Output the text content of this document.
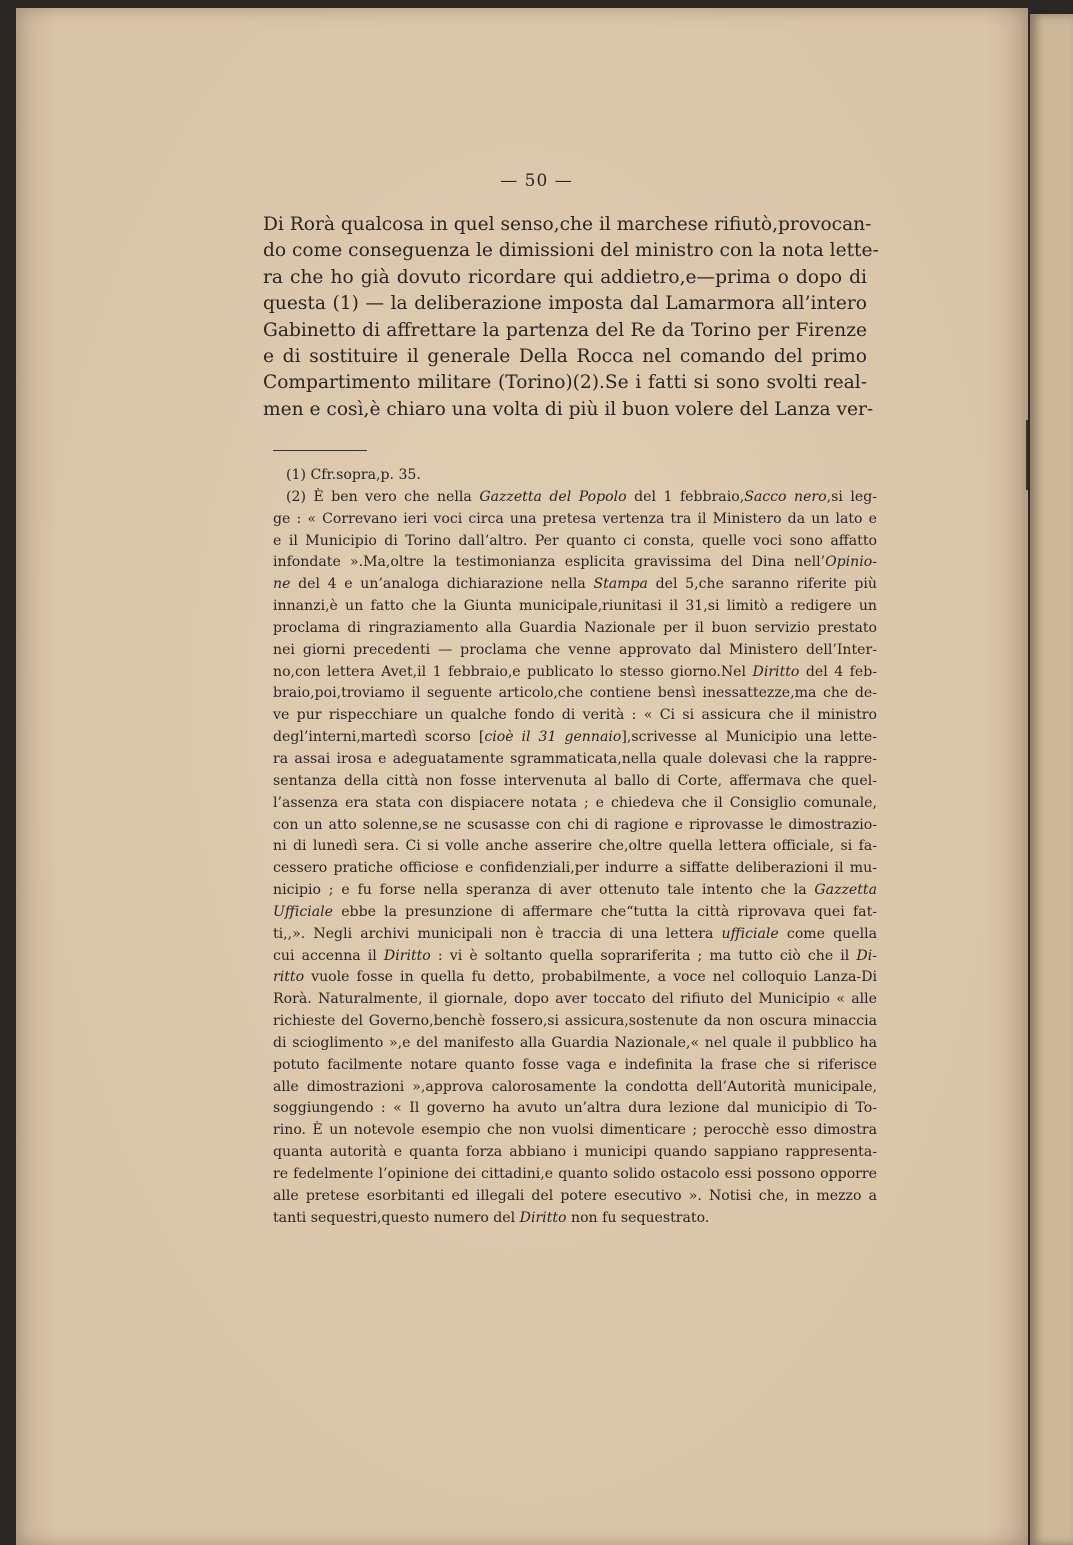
— 50 —
Di Rorà qualcosa in quel senso,che il marchese rifiutò,provocan-
do come conseguenza le dimissioni del ministro con la nota lette-
ra che ho già dovuto ricordare qui addietro,e—prima o dopo di
questa (1) — la deliberazione imposta dal Lamarmora all’intero
Gabinetto di affrettare la partenza del Re da Torino per Firenze
e di sostituire il generale Della Rocca nel comando del primo
Compartimento militare (Torino)(2).Se i fatti si sono svolti real-
men e così,è chiaro una volta di più il buon volere del Lanza ver-
(1) Cfr.sopra,p. 35.
(2) È ben vero che nella Gazzetta del Popolo del 1 febbraio,Sacco nero,si leg-
ge : « Correvano ieri voci circa una pretesa vertenza tra il Ministero da un lato e
e il Municipio di Torino dall’altro. Per quanto ci consta, quelle voci sono affatto
infondate ».Ma,oltre la testimonianza esplicita gravissima del Dina nell’Opinio-
ne del 4 e un’analoga dichiarazione nella Stampa del 5,che saranno riferite più
innanzi,è un fatto che la Giunta municipale,riunitasi il 31,si limitò a redigere un
proclama di ringraziamento alla Guardia Nazionale per il buon servizio prestato
nei giorni precedenti — proclama che venne approvato dal Ministero dell’Inter-
no,con lettera Avet,il 1 febbraio,e publicato lo stesso giorno.Nel Diritto del 4 feb-
braio,poi,troviamo il seguente articolo,che contiene bensì inessattezze,ma che de-
ve pur rispecchiare un qualche fondo di verità : « Ci si assicura che il ministro
degl’interni,martedì scorso [cioè il 31 gennaio],scrivesse al Municipio una lette-
ra assai irosa e adeguatamente sgrammaticata,nella quale dolevasi che la rappre-
sentanza della città non fosse intervenuta al ballo di Corte, affermava che quel-
l’assenza era stata con dispiacere notata ; e chiedeva che il Consiglio comunale,
con un atto solenne,se ne scusasse con chi di ragione e riprovasse le dimostrazio-
ni di lunedì sera. Ci si volle anche asserire che,oltre quella lettera officiale, si fa-
cessero pratiche officiose e confidenziali,per indurre a siffatte deliberazioni il mu-
nicipio ; e fu forse nella speranza di aver ottenuto tale intento che la Gazzetta
Ufficiale ebbe la presunzione di affermare che“tutta la città riprovava quei fat-
ti,,». Negli archivi municipali non è traccia di una lettera ufficiale come quella
cui accenna il Diritto : vi è soltanto quella soprariferita ; ma tutto ciò che il Di-
ritto vuole fosse in quella fu detto, probabilmente, a voce nel colloquio Lanza-Di
Rorà. Naturalmente, il giornale, dopo aver toccato del rifiuto del Municipio « alle
richieste del Governo,benchè fossero,si assicura,sostenute da non oscura minaccia
di scioglimento »,e del manifesto alla Guardia Nazionale,« nel quale il pubblico ha
potuto facilmente notare quanto fosse vaga e indefinita la frase che si riferisce
alle dimostrazioni »,approva calorosamente la condotta dell’Autorità municipale,
soggiungendo : « Il governo ha avuto un’altra dura lezione dal municipio di To-
rino. È un notevole esempio che non vuolsi dimenticare ; perocchè esso dimostra
quanta autorità e quanta forza abbiano i municipi quando sappiano rappresenta-
re fedelmente l’opinione dei cittadini,e quanto solido ostacolo essi possono opporre
alle pretese esorbitanti ed illegali del potere esecutivo ». Notisi che, in mezzo a
tanti sequestri,questo numero del Diritto non fu sequestrato.
